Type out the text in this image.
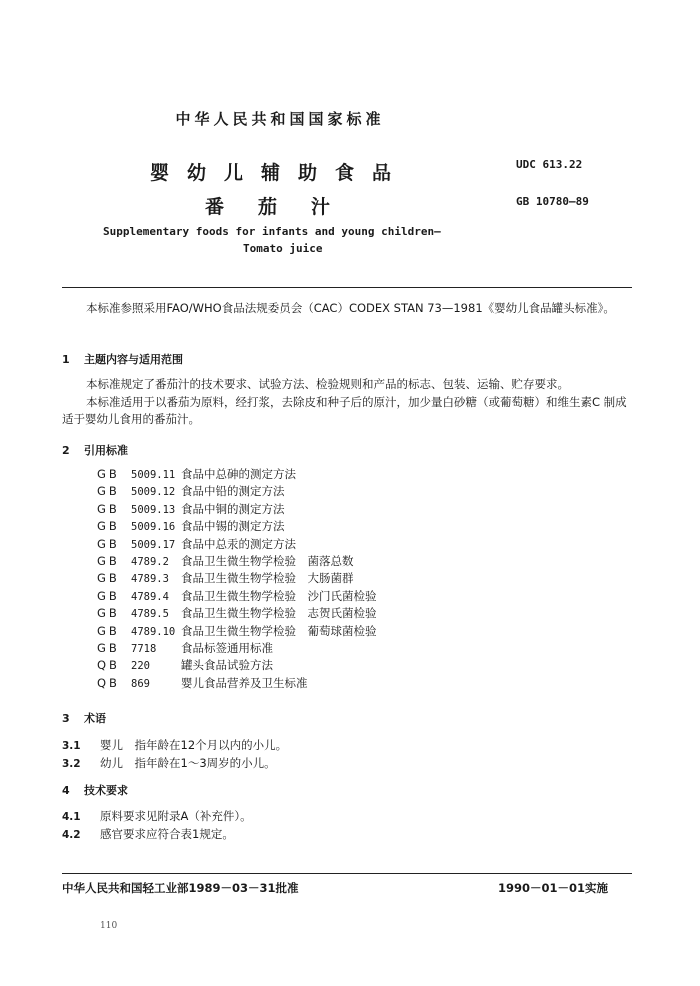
中华人民共和国国家标准
婴幼儿辅助食品
番茄汁
UDC 613.22
GB 10780—89
Supplementary foods for infants and young children—
Tomato juice
本标准参照采用FAO/WHO食品法规委员会（CAC）CODEX STAN 73—1981《婴幼儿食品罐头标准》。
1 主题内容与适用范围
本标准规定了番茄汁的技术要求、试验方法、检验规则和产品的标志、包装、运输、贮存要求。
本标准适用于以番茄为原料，经打浆，去除皮和种子后的原汁，加少量白砂糖（或葡萄糖）和维生素C 制成适于婴幼儿食用的番茄汁。
2 引用标准
GB 5009.11 食品中总砷的测定方法
GB 5009.12 食品中铅的测定方法
GB 5009.13 食品中铜的测定方法
GB 5009.16 食品中锡的测定方法
GB 5009.17 食品中总汞的测定方法
GB 4789.2 食品卫生微生物学检验　菌落总数
GB 4789.3 食品卫生微生物学检验　大肠菌群
GB 4789.4 食品卫生微生物学检验　沙门氏菌检验
GB 4789.5 食品卫生微生物学检验　志贺氏菌检验
GB 4789.10 食品卫生微生物学检验　葡萄球菌检验
GB 7718 食品标签通用标准
QB 220	罐头食品试验方法
QB 869	婴儿食品营养及卫生标准
3 术语
3.1 婴儿　指年龄在12个月以内的小儿。
3.2 幼儿　指年龄在1～3周岁的小儿。
4 技术要求
4.1 原料要求见附录A（补充件）。
4.2 感官要求应符合表1规定。
中华人民共和国轻工业部1989－03－31批准	1990－01－01实施
110
